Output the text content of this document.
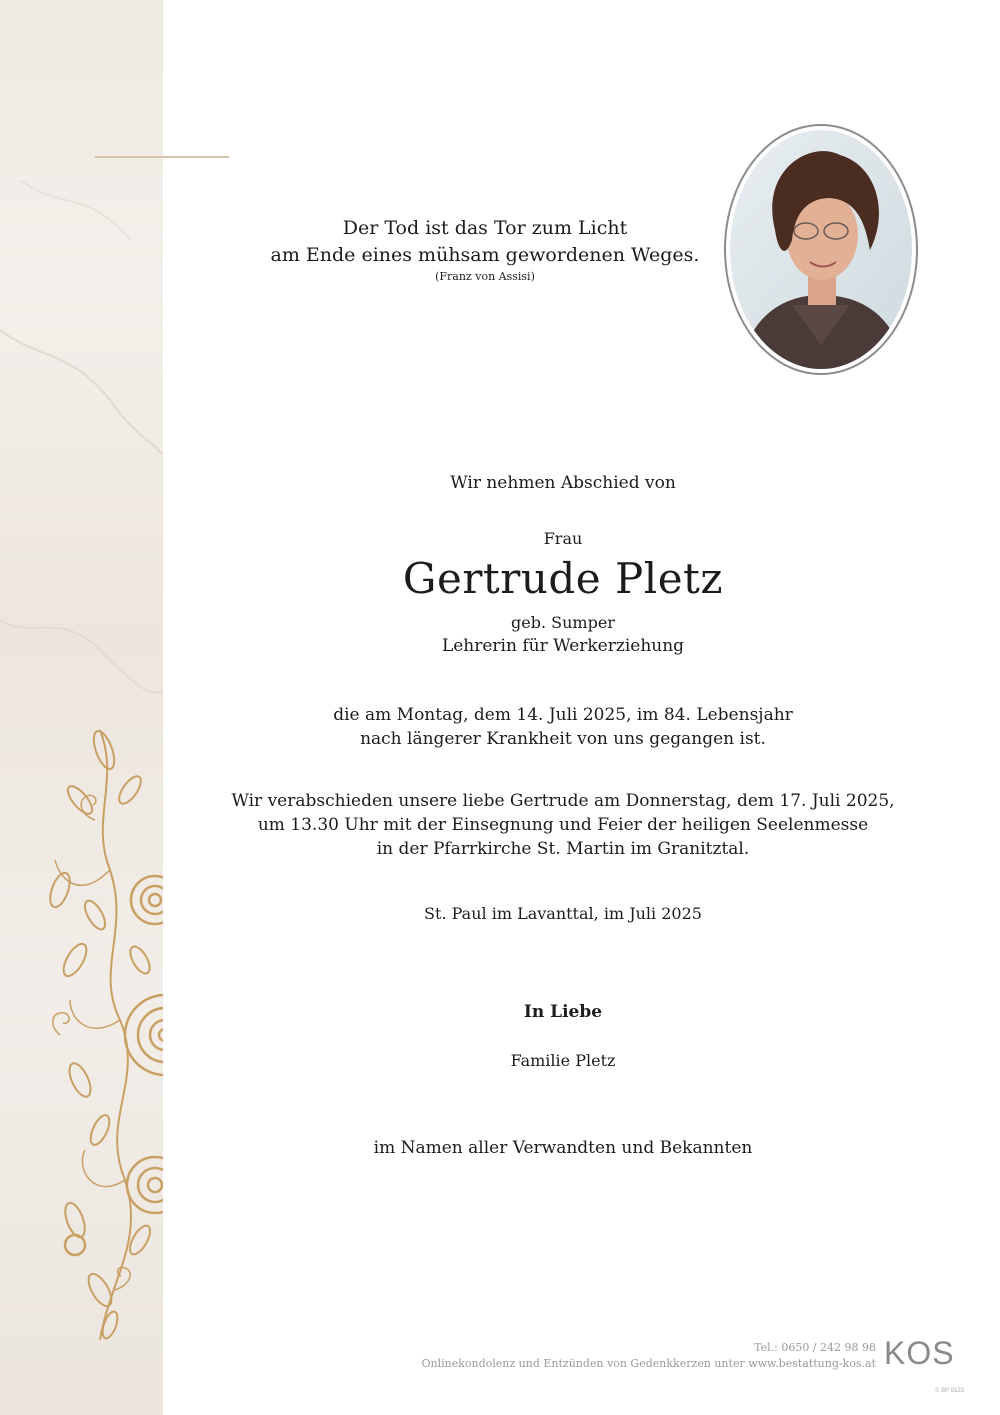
Der Tod ist das Tor zum Licht
am Ende eines mühsam gewordenen Weges.
(Franz von Assisi)
Wir nehmen Abschied von
Frau
Gertrude Pletz
geb. Sumper
Lehrerin für Werkerziehung
die am Montag, dem 14. Juli 2025, im 84. Lebensjahr
nach längerer Krankheit von uns gegangen ist.
Wir verabschieden unsere liebe Gertrude am Donnerstag, dem 17. Juli 2025,
um 13.30 Uhr mit der Einsegnung und Feier der heiligen Seelenmesse
in der Pfarrkirche St. Martin im Granitztal.
St. Paul im Lavanttal, im Juli 2025
In Liebe
Familie Pletz
im Namen aller Verwandten und Bekannten
Tel.: 0650 / 242 98 98
Onlinekondolenz und Entzünden von Gedenkkerzen unter www.bestattung-kos.at KOS
© BP 9123
